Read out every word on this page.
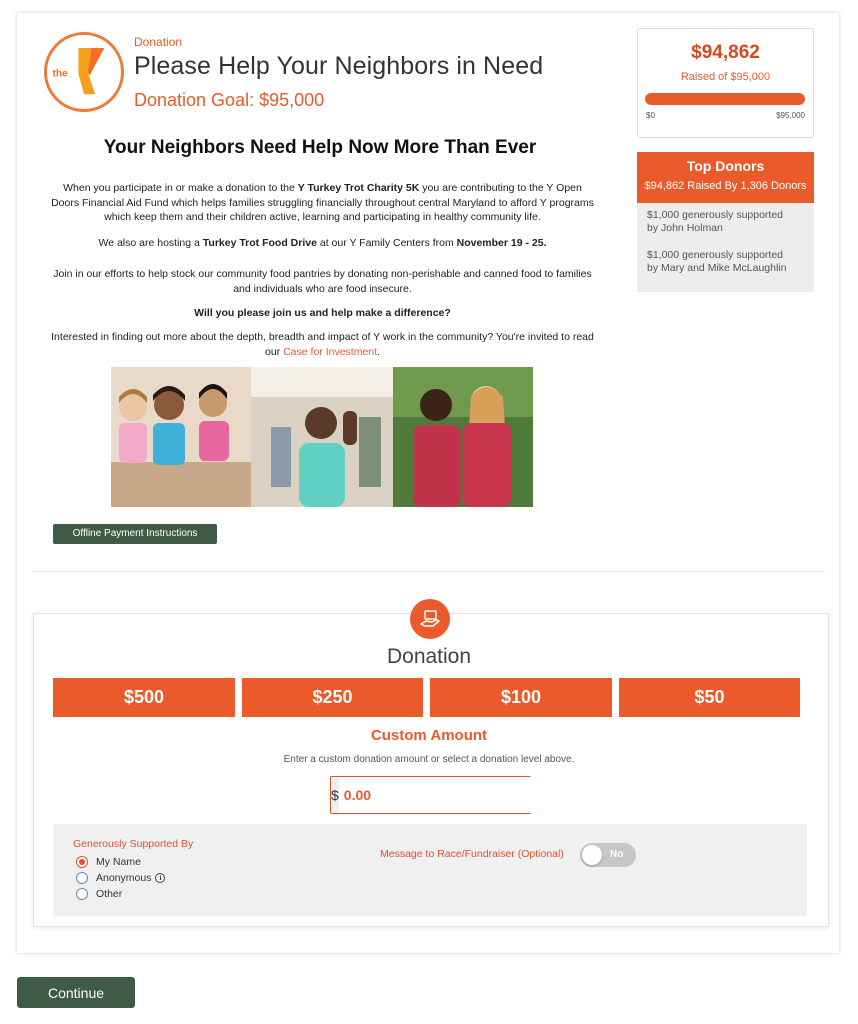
the
Donation
Please Help Your Neighbors in Need
Donation Goal: $95,000
$94,862
Raised of $95,000
$0	$95,000
Top Donors
$94,862 Raised By 1,306 Donors
$1,000 generously supported
by John Holman
$1,000 generously supported
by Mary and Mike McLaughlin
Your Neighbors Need Help Now More Than Ever
When you participate in or make a donation to the Y Turkey Trot Charity 5K you are contributing to the Y Open Doors Financial Aid Fund which helps families struggling financially throughout central Maryland to afford Y programs which keep them and their children active, learning and participating in healthy community life.
We also are hosting a Turkey Trot Food Drive at our Y Family Centers from November 19 - 25.
Join in our efforts to help stock our community food pantries by donating non-perishable and canned food to families and individuals who are food insecure.
Will you please join us and help make a difference?
Interested in finding out more about the depth, breadth and impact of Y work in the community? You're invited to read our Case for Investment.
Offline Payment Instructions
Donation
$500	$250	$100	$50
Custom Amount
Enter a custom donation amount or select a donation level above.
$
0.00
Generously Supported By
My Name
Anonymous	i
Other
Message to Race/Fundraiser (Optional)	No
Continue
